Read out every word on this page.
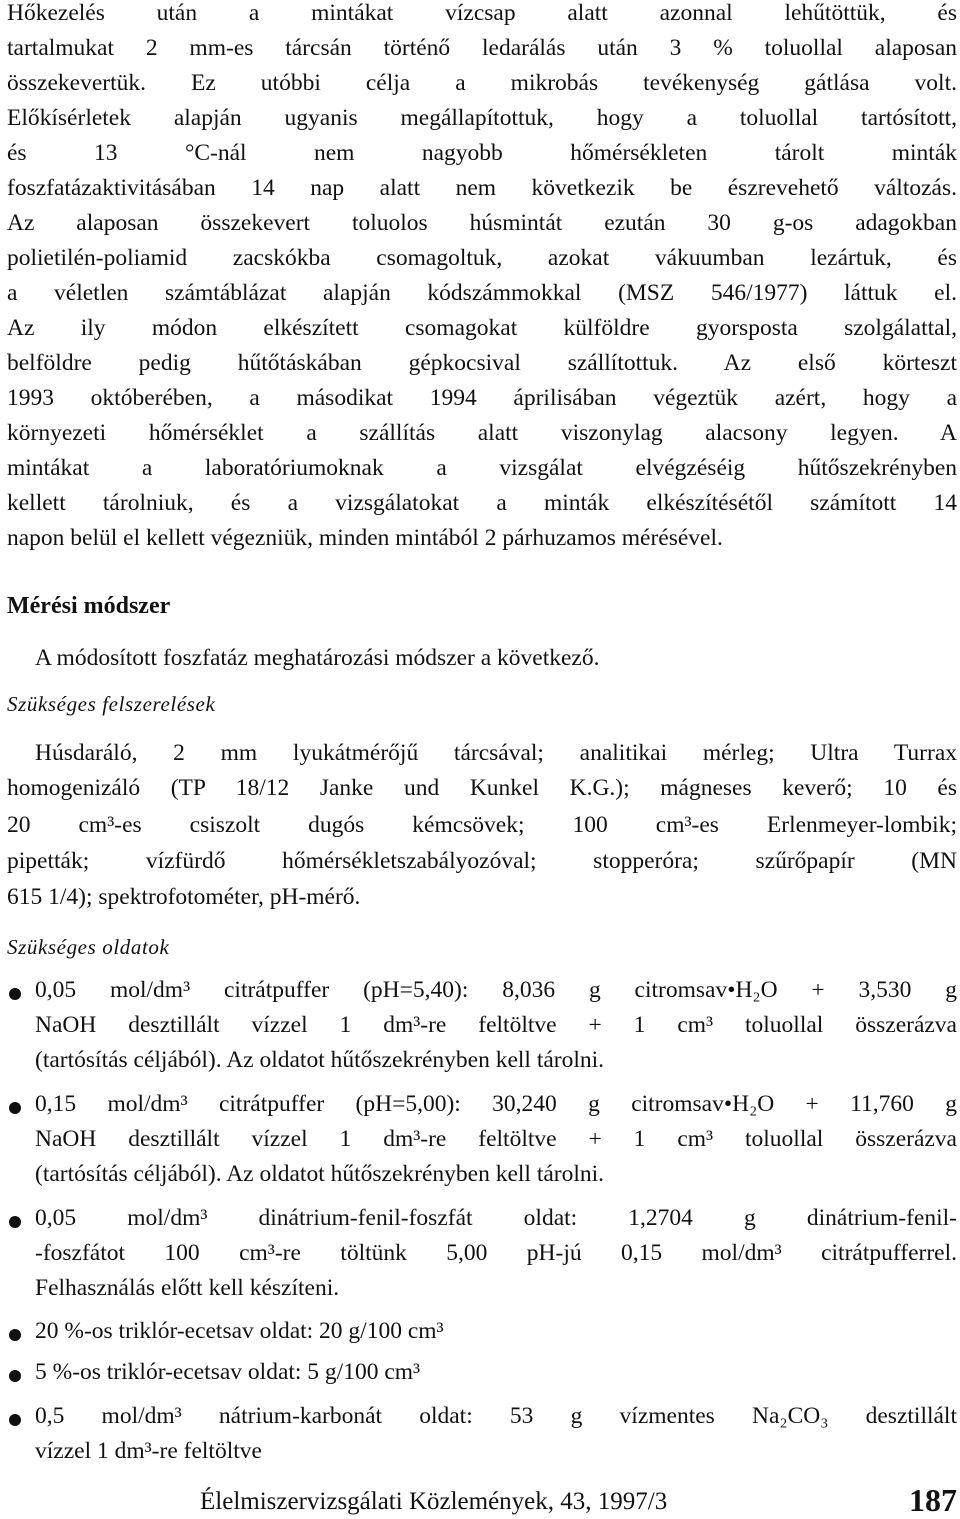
Hőkezelés után a mintákat vízcsap alatt azonnal lehűtöttük, és
tartalmukat 2 mm-es tárcsán történő ledarálás után 3 % toluollal alaposan
összekevertük. Ez utóbbi célja a mikrobás tevékenység gátlása volt.
Előkísérletek alapján ugyanis megállapítottuk, hogy a toluollal tartósított,
és 13 °C-nál nem nagyobb hőmérsékleten tárolt minták
foszfatázaktivitásában 14 nap alatt nem következik be észrevehető változás.
Az alaposan összekevert toluolos húsmintát ezután 30 g-os adagokban
polietilén-poliamid zacskókba csomagoltuk, azokat vákuumban lezártuk, és
a véletlen számtáblázat alapján kódszámmokkal (MSZ 546/1977) láttuk el.
Az ily módon elkészített csomagokat külföldre gyorsposta szolgálattal,
belföldre pedig hűtőtáskában gépkocsival szállítottuk. Az első körteszt
1993 októberében, a másodikat 1994 áprilisában végeztük azért, hogy a
környezeti hőmérséklet a szállítás alatt viszonylag alacsony legyen. A
mintákat a laboratóriumoknak a vizsgálat elvégzéséig hűtőszekrényben
kellett tárolniuk, és a vizsgálatokat a minták elkészítésétől számított 14
napon belül el kellett végezniük, minden mintából 2 párhuzamos mérésével.
Mérési módszer
A módosított foszfatáz meghatározási módszer a következő.
Szükséges felszerelések
Húsdaráló, 2 mm lyukátmérőjű tárcsával; analitikai mérleg; Ultra Turrax
homogenizáló (TP 18/12 Janke und Kunkel K.G.); mágneses keverő; 10 és
20 cm³-es csiszolt dugós kémcsövek; 100 cm³-es Erlenmeyer-lombik;
pipetták; vízfürdő hőmérsékletszabályozóval; stopperóra; szűrőpapír (MN
615 1/4); spektrofotométer, pH-mérő.
Szükséges oldatok
0,05 mol/dm³ citrátpuffer (pH=5,40): 8,036 g citromsav•H₂O + 3,530 g
NaOH desztillált vízzel 1 dm³-re feltöltve + 1 cm³ toluollal összerázva
(tartósítás céljából). Az oldatot hűtőszekrényben kell tárolni.
0,15 mol/dm³ citrátpuffer (pH=5,00): 30,240 g citromsav•H₂O + 11,760 g
NaOH desztillált vízzel 1 dm³-re feltöltve + 1 cm³ toluollal összerázva
(tartósítás céljából). Az oldatot hűtőszekrényben kell tárolni.
0,05 mol/dm³ dinátrium-fenil-foszfát oldat: 1,2704 g dinátrium-fenil-
-foszfátot 100 cm³-re töltünk 5,00 pH-jú 0,15 mol/dm³ citrátpufferrel.
Felhasználás előtt kell készíteni.
20 %-os triklór-ecetsav oldat: 20 g/100 cm³
5 %-os triklór-ecetsav oldat: 5 g/100 cm³
0,5 mol/dm³ nátrium-karbonát oldat: 53 g vízmentes Na₂CO₃ desztillált
vízzel 1 dm³-re feltöltve
Élelmiszervizsgálati Közlemények, 43, 1997/3	187
